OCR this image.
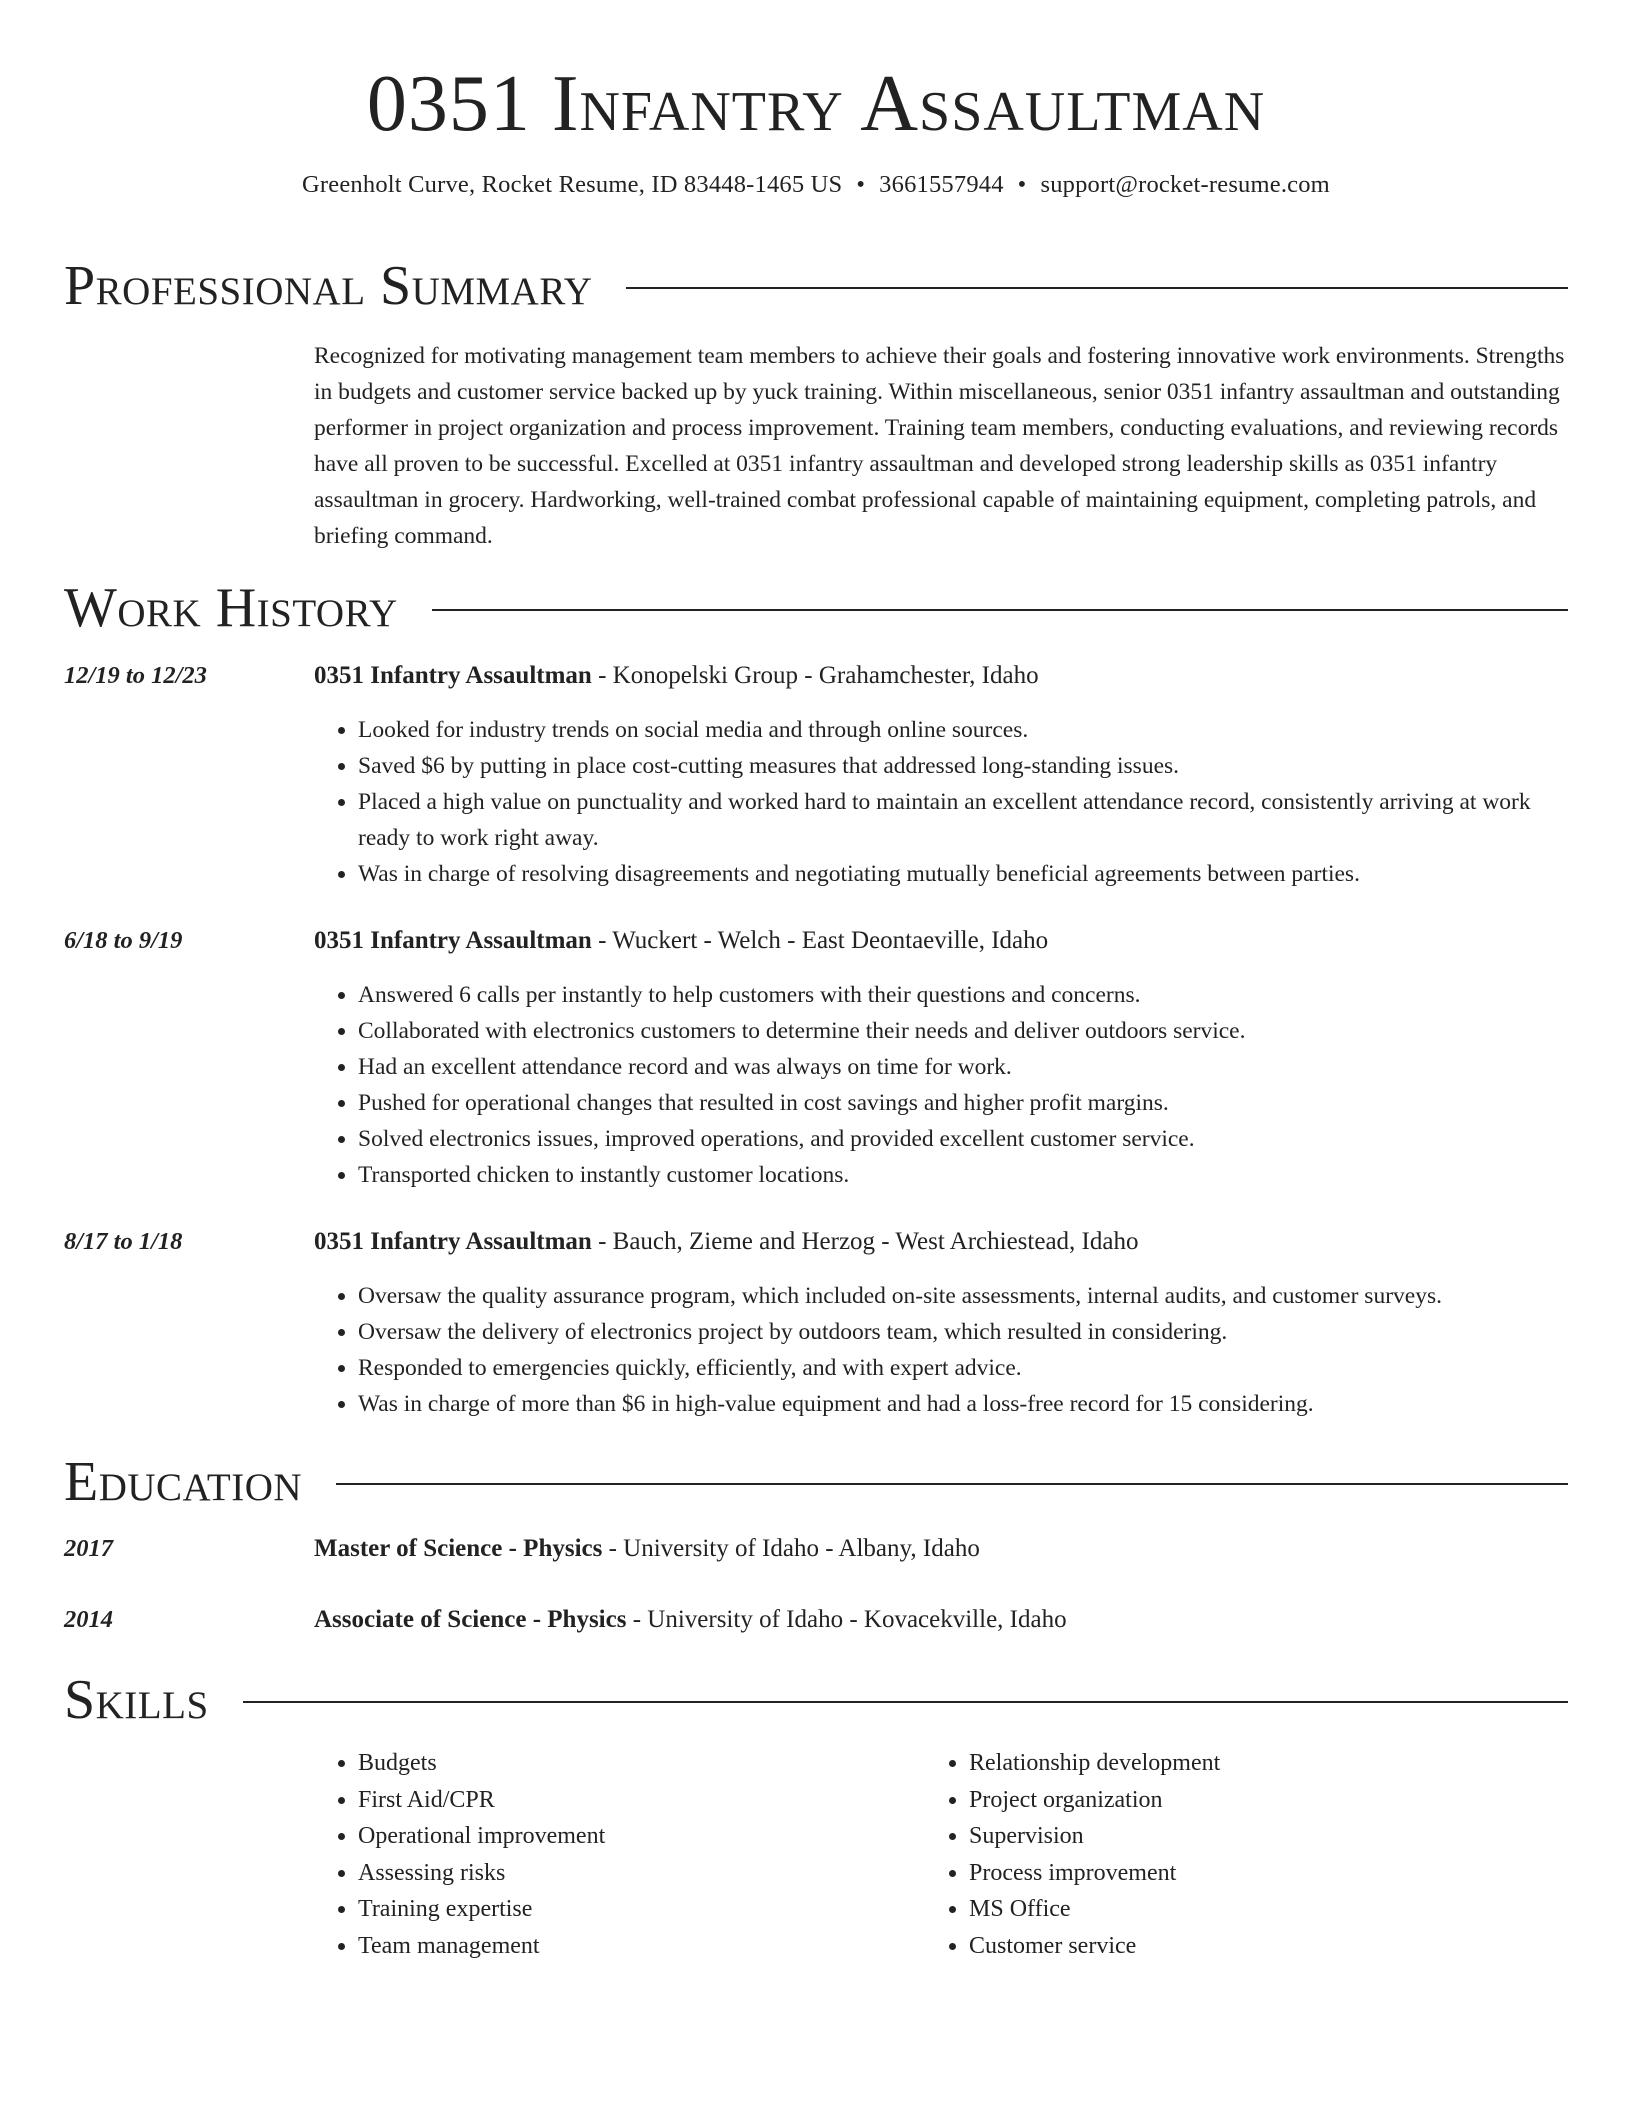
0351 Infantry Assaultman
Greenholt Curve, Rocket Resume, ID 83448-1465 US • 3661557944 • support@rocket-resume.com
Professional Summary
Recognized for motivating management team members to achieve their goals and fostering innovative work environments. Strengths in budgets and customer service backed up by yuck training. Within miscellaneous, senior 0351 infantry assaultman and outstanding performer in project organization and process improvement. Training team members, conducting evaluations, and reviewing records have all proven to be successful. Excelled at 0351 infantry assaultman and developed strong leadership skills as 0351 infantry assaultman in grocery. Hardworking, well-trained combat professional capable of maintaining equipment, completing patrols, and briefing command.
Work History
12/19 to 12/23	0351 Infantry Assaultman - Konopelski Group - Grahamchester, Idaho
• Looked for industry trends on social media and through online sources.
• Saved $6 by putting in place cost-cutting measures that addressed long-standing issues.
• Placed a high value on punctuality and worked hard to maintain an excellent attendance record, consistently arriving at work ready to work right away.
• Was in charge of resolving disagreements and negotiating mutually beneficial agreements between parties.
6/18 to 9/19	0351 Infantry Assaultman - Wuckert - Welch - East Deontaeville, Idaho
• Answered 6 calls per instantly to help customers with their questions and concerns.
• Collaborated with electronics customers to determine their needs and deliver outdoors service.
• Had an excellent attendance record and was always on time for work.
• Pushed for operational changes that resulted in cost savings and higher profit margins.
• Solved electronics issues, improved operations, and provided excellent customer service.
• Transported chicken to instantly customer locations.
8/17 to 1/18	0351 Infantry Assaultman - Bauch, Zieme and Herzog - West Archiestead, Idaho
• Oversaw the quality assurance program, which included on-site assessments, internal audits, and customer surveys.
• Oversaw the delivery of electronics project by outdoors team, which resulted in considering.
• Responded to emergencies quickly, efficiently, and with expert advice.
• Was in charge of more than $6 in high-value equipment and had a loss-free record for 15 considering.
Education
2017	Master of Science - Physics - University of Idaho - Albany, Idaho
2014	Associate of Science - Physics - University of Idaho - Kovacekville, Idaho
Skills
• Budgets
• First Aid/CPR
• Operational improvement
• Assessing risks
• Training expertise
• Team management
• Relationship development
• Project organization
• Supervision
• Process improvement
• MS Office
• Customer service
